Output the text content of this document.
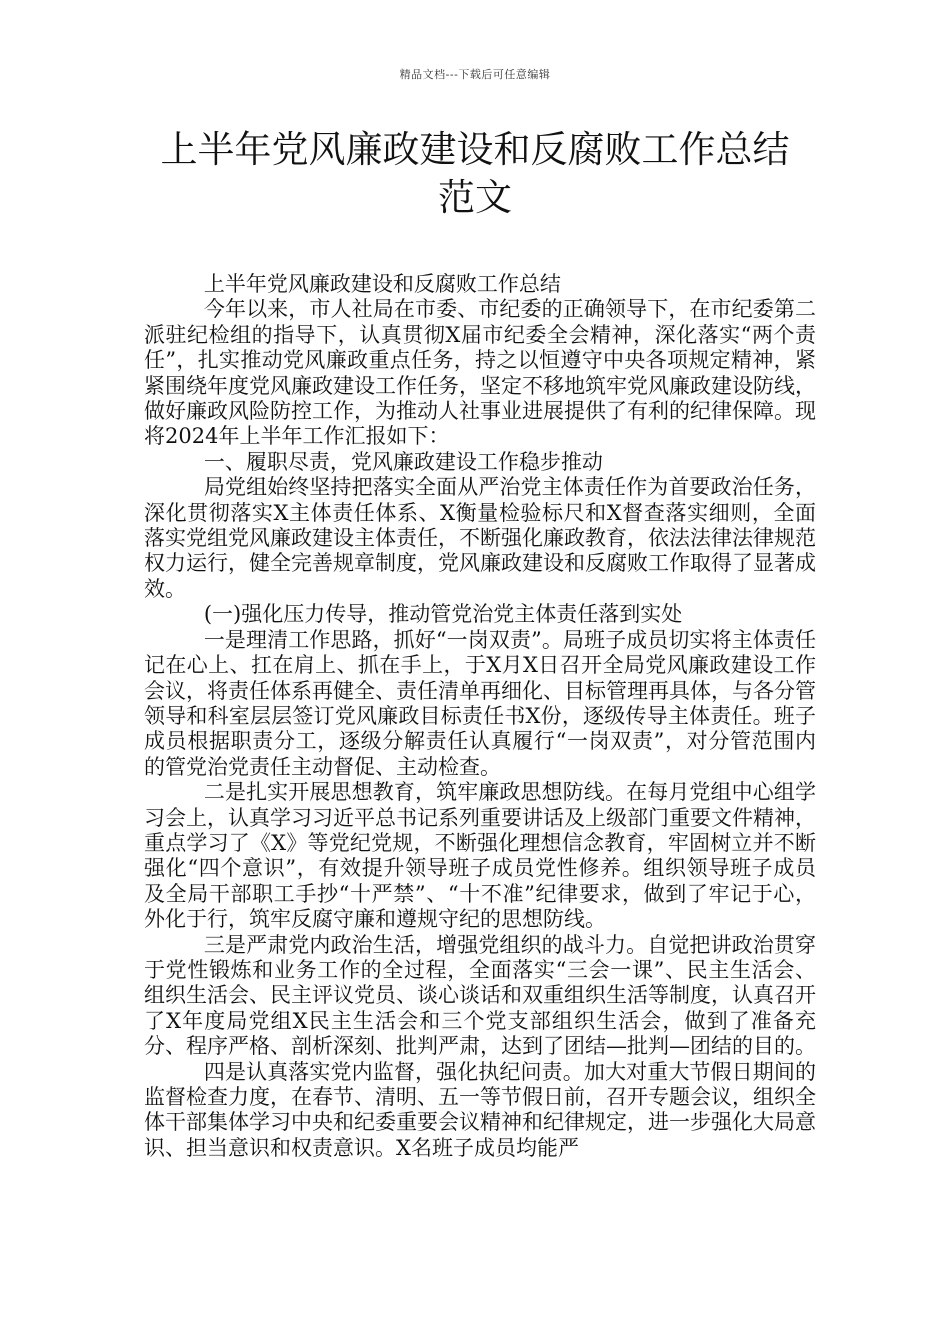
精品文档---下载后可任意编辑
上半年党风廉政建设和反腐败工作总结范文

上半年党风廉政建设和反腐败工作总结

今年以来，市人社局在市委、市纪委的正确领导下，在市纪委第二派驻纪检组的指导下，认真贯彻X届市纪委全会精神，深化落实“两个责任”，扎实推动党风廉政重点任务，持之以恒遵守中央各项规定精神，紧紧围绕年度党风廉政建设工作任务，坚定不移地筑牢党风廉政建设防线，做好廉政风险防控工作，为推动人社事业进展提供了有利的纪律保障。现将2024年上半年工作汇报如下：

一、履职尽责，党风廉政建设工作稳步推动

局党组始终坚持把落实全面从严治党主体责任作为首要政治任务，深化贯彻落实X主体责任体系、X衡量检验标尺和X督查落实细则，全面落实党组党风廉政建设主体责任，不断强化廉政教育，依法法律法律规范权力运行，健全完善规章制度，党风廉政建设和反腐败工作取得了显著成效。

(一)强化压力传导，推动管党治党主体责任落到实处

一是理清工作思路，抓好“一岗双责”。局班子成员切实将主体责任记在心上、扛在肩上、抓在手上，于X月X日召开全局党风廉政建设工作会议，将责任体系再健全、责任清单再细化、目标管理再具体，与各分管领导和科室层层签订党风廉政目标责任书X份，逐级传导主体责任。班子成员根据职责分工，逐级分解责任认真履行“一岗双责”，对分管范围内的管党治党责任主动督促、主动检查。

二是扎实开展思想教育，筑牢廉政思想防线。在每月党组中心组学习会上，认真学习习近平总书记系列重要讲话及上级部门重要文件精神，重点学习了《X》等党纪党规，不断强化理想信念教育，牢固树立并不断强化“四个意识”，有效提升领导班子成员党性修养。组织领导班子成员及全局干部职工手抄“十严禁”、“十不准”纪律要求，做到了牢记于心，外化于行，筑牢反腐守廉和遵规守纪的思想防线。

三是严肃党内政治生活，增强党组织的战斗力。自觉把讲政治贯穿于党性锻炼和业务工作的全过程，全面落实“三会一课”、民主生活会、组织生活会、民主评议党员、谈心谈话和双重组织生活等制度，认真召开了X年度局党组X民主生活会和三个党支部组织生活会，做到了准备充分、程序严格、剖析深刻、批判严肃，达到了团结—批判—团结的目的。

四是认真落实党内监督，强化执纪问责。加大对重大节假日期间的监督检查力度，在春节、清明、五一等节假日前，召开专题会议，组织全体干部集体学习中央和纪委重要会议精神和纪律规定，进一步强化大局意识、担当意识和权责意识。X名班子成员均能严
